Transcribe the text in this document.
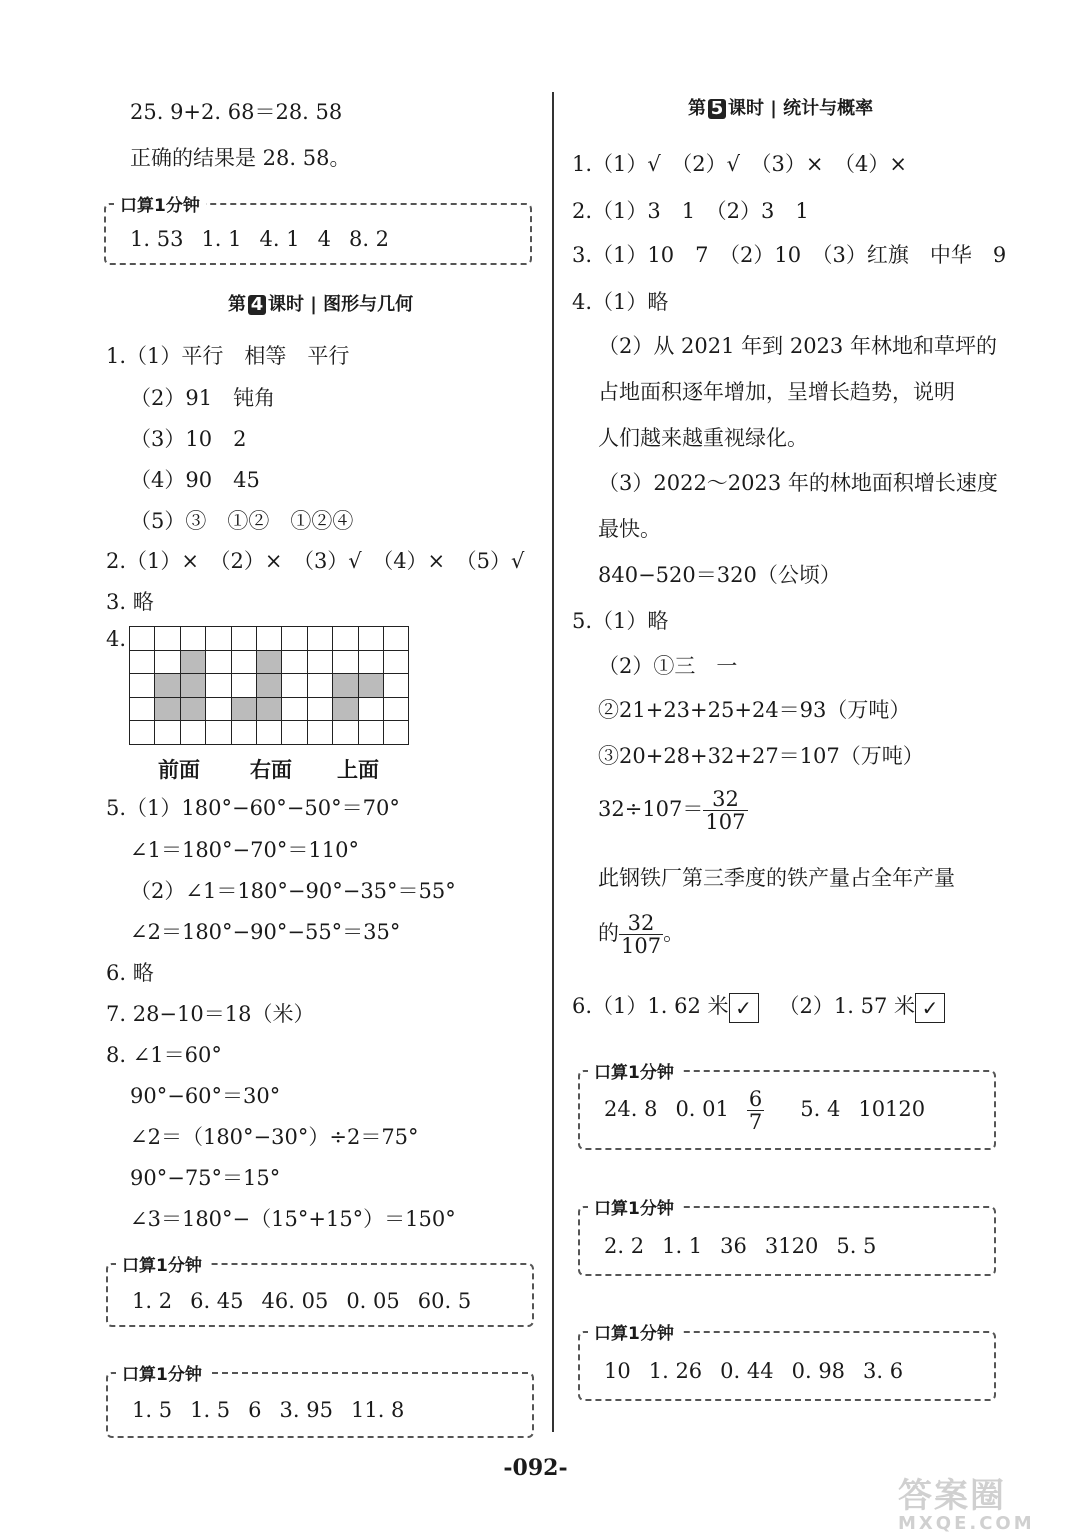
25. 9+2. 68＝28. 58
正确的结果是 28. 58。
口算1分钟
1. 53 1. 1 4. 1 4 8. 2
第 4 课时 | 图形与几何
1.（1）平行　相等　平行
（2）91　钝角
（3）10　2
（4）90　45
（5）③　①②　①②④
2.（1）×　（2）×　（3）√　（4）×　（5）√
3. 略
4.

前面 右面 上面
5.（1）180°−60°−50°＝70°
∠1＝180°−70°＝110°
（2）∠1＝180°−90°−35°＝55°
∠2＝180°−90°−55°＝35°
6. 略
7. 28−10＝18（米）
8. ∠1＝60°
90°−60°＝30°
∠2＝（180°−30°）÷2＝75°
90°−75°＝15°
∠3＝180°−（15°+15°）＝150°
口算1分钟
1. 2 6. 45 46. 05 0. 05 60. 5
口算1分钟
1. 5 1. 5 6 3. 95 11. 8
第 5 课时 | 统计与概率
1.（1）√　（2）√　（3）×　（4）×
2.（1）3　1　（2）3　1
3.（1）10　7　（2）10　（3）红旗　中华　9
4.（1）略
（2）从 2021 年到 2023 年林地和草坪的
占地面积逐年增加，呈增长趋势，说明
人们越来越重视绿化。
（3）2022～2023 年的林地面积增长速度
最快。
840−520＝320（公顷）
5.（1）略
（2）①三　一
②21+23+25+24＝93（万吨）
③20+28+32+27＝107（万吨）
$32\div 107= \frac{32}{107}$
此钢铁厂第三季度的铁产量占全年产量
的 $\frac{32}{107}$ 。
6.（1）1. 62 米 ✓ （2）1. 57 米 ✓
口算1分钟
24. 8 0. $01 \frac{6}{7} 5$. 4 10120
口算1分钟
2. 2 1. 1 36 3120 5. 5
口算1分钟
10 1. 26 0. 44 0. 98 3. 6
-092-
答案圈
MXQE.COM
